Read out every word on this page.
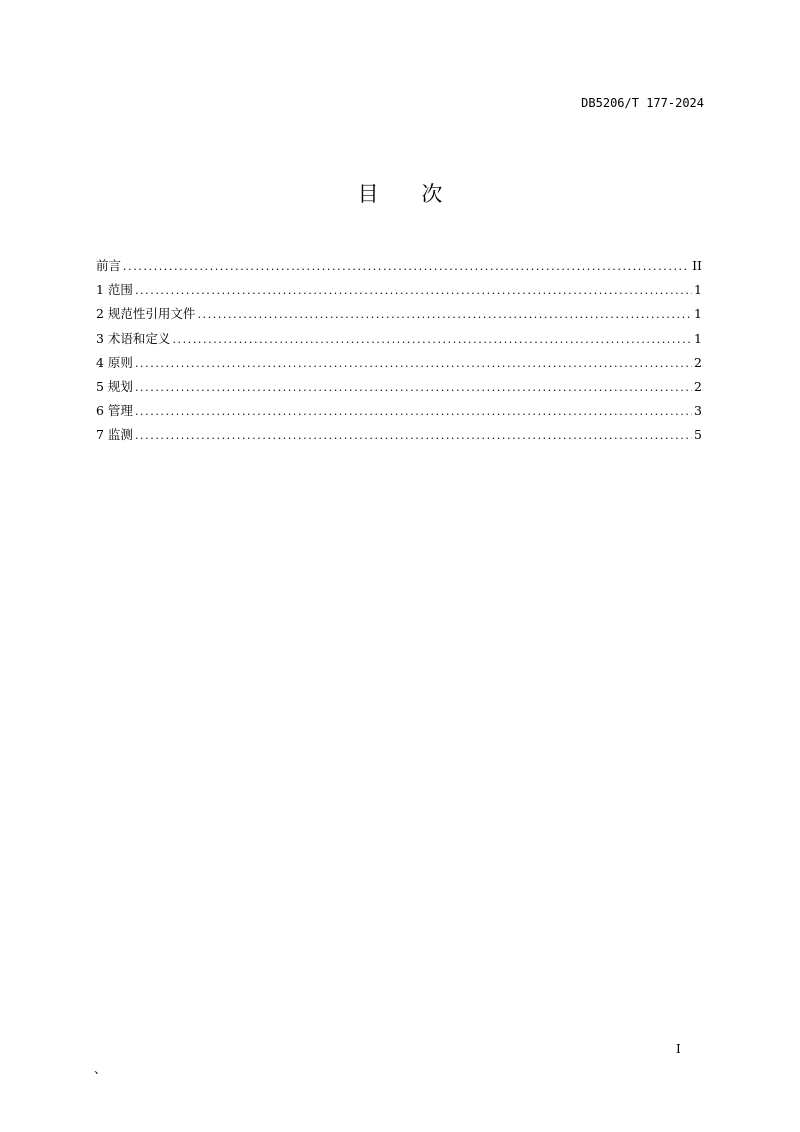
DB5206/T 177-2024
目 次
前言 .....	II
1 范围 .....	1
2 规范性引用文件 .....	1
3 术语和定义 .....	1
4 原则 .....	2
5 规划 .....	2
6 管理 .....	3
7 监测 .....	5
I
、
